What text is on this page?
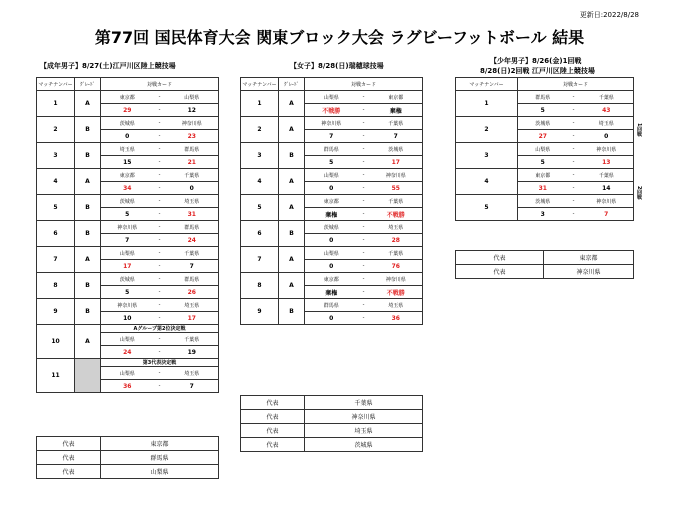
更新日:2022/8/28
第77回 国民体育大会 関東ブロック大会 ラグビーフットボール 結果
【成年男子】8/27(土)江戸川区陸上競技場
マッチナンバー	ｸﾞﾚｰﾄﾞ	対戦カード		
1	A	東京都	-	山梨県
		29	-	12
2	B	茨城県	-	神奈川県
		0	-	23
3	B	埼玉県	-	群馬県
		15	-	21
4	A	東京都	-	千葉県
		34	-	0
5	B	茨城県	-	埼玉県
		5	-	31
6	B	神奈川県	-	群馬県
		7	-	24
7	A	山梨県	-	千葉県
		17	-	7
8	B	茨城県	-	群馬県
		5	-	26
9	B	神奈川県	-	埼玉県
		10	-	17
10	A	Aグループ第2位決定戦		
		山梨県	-	千葉県
		24	-	19
11		第3代表決定戦		
		山梨県	-	埼玉県
		36	-	7
代表	東京都
代表	群馬県
代表	山梨県
【女子】8/28(日)瑞穂球技場
マッチナンバー	ｸﾞﾚｰﾄﾞ	対戦カード		
1	A	山梨県	-	東京都
		不戦勝	-	棄権
2	A	神奈川県	-	千葉県
		7	-	7
3	B	群馬県	-	茨城県
		5	-	17
4	A	山梨県	-	神奈川県
		0	-	55
5	A	東京都	-	千葉県
		棄権	-	不戦勝
6	B	茨城県	-	埼玉県
		0	-	28
7	A	山梨県	-	千葉県
		0	-	76
8	A	東京都	-	神奈川県
		棄権	-	不戦勝
9	B	群馬県	-	埼玉県
		0	-	36
代表	千葉県
代表	神奈川県
代表	埼玉県
代表	茨城県
【少年男子】8/26(金)1回戦
8/28(日)2回戦 江戸川区陸上競技場
マッチナンバー	対戦カード		
1	群馬県	-	千葉県
	5	-	43
2	茨城県	-	埼玉県
	27	-	0
3	山梨県	-	神奈川県
	5	-	13
4	東京都	-	千葉県
	31	-	14
5	茨城県	-	神奈川県
	3	-	7
1回戦
2回戦
代表	東京都
代表	神奈川県
